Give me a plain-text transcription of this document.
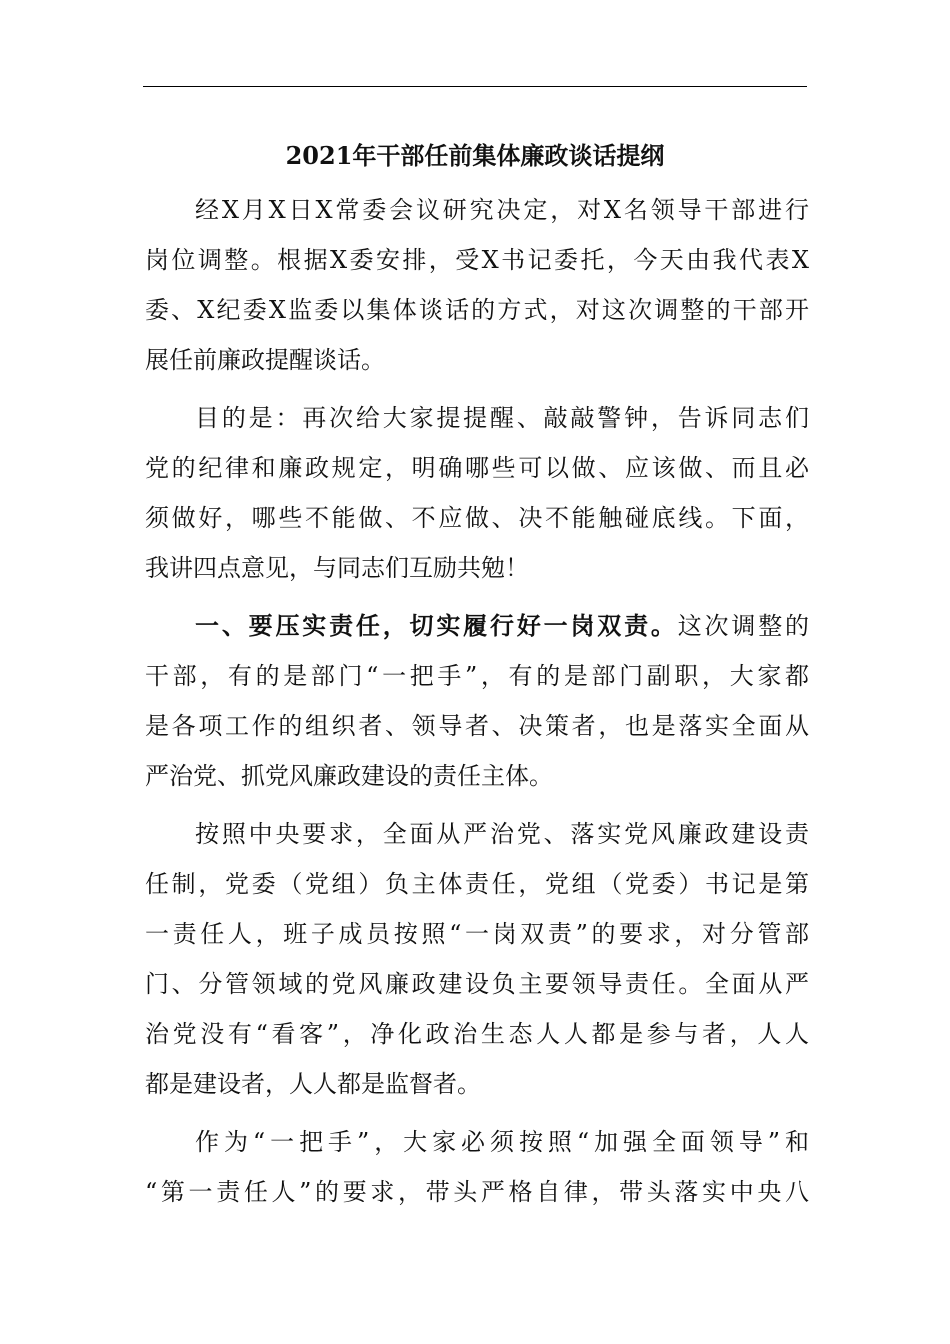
2021年干部任前集体廉政谈话提纲

经X月X日X常委会议研究决定，对X名领导干部进行
岗位调整。根据X委安排，受X书记委托，今天由我代表X
委、X纪委X监委以集体谈话的方式，对这次调整的干部开
展任前廉政提醒谈话。

目的是：再次给大家提提醒、敲敲警钟，告诉同志们
党的纪律和廉政规定，明确哪些可以做、应该做、而且必
须做好，哪些不能做、不应做、决不能触碰底线。下面，
我讲四点意见，与同志们互励共勉！

一、要压实责任，切实履行好一岗双责。这次调整的
干部，有的是部门“一把手”，有的是部门副职，大家都
是各项工作的组织者、领导者、决策者，也是落实全面从
严治党、抓党风廉政建设的责任主体。

按照中央要求，全面从严治党、落实党风廉政建设责
任制，党委（党组）负主体责任，党组（党委）书记是第
一责任人，班子成员按照“一岗双责”的要求，对分管部
门、分管领域的党风廉政建设负主要领导责任。全面从严
治党没有“看客”，净化政治生态人人都是参与者，人人
都是建设者，人人都是监督者。

作为“一把手”，大家必须按照“加强全面领导”和
“第一责任人”的要求，带头严格自律，带头落实中央八
